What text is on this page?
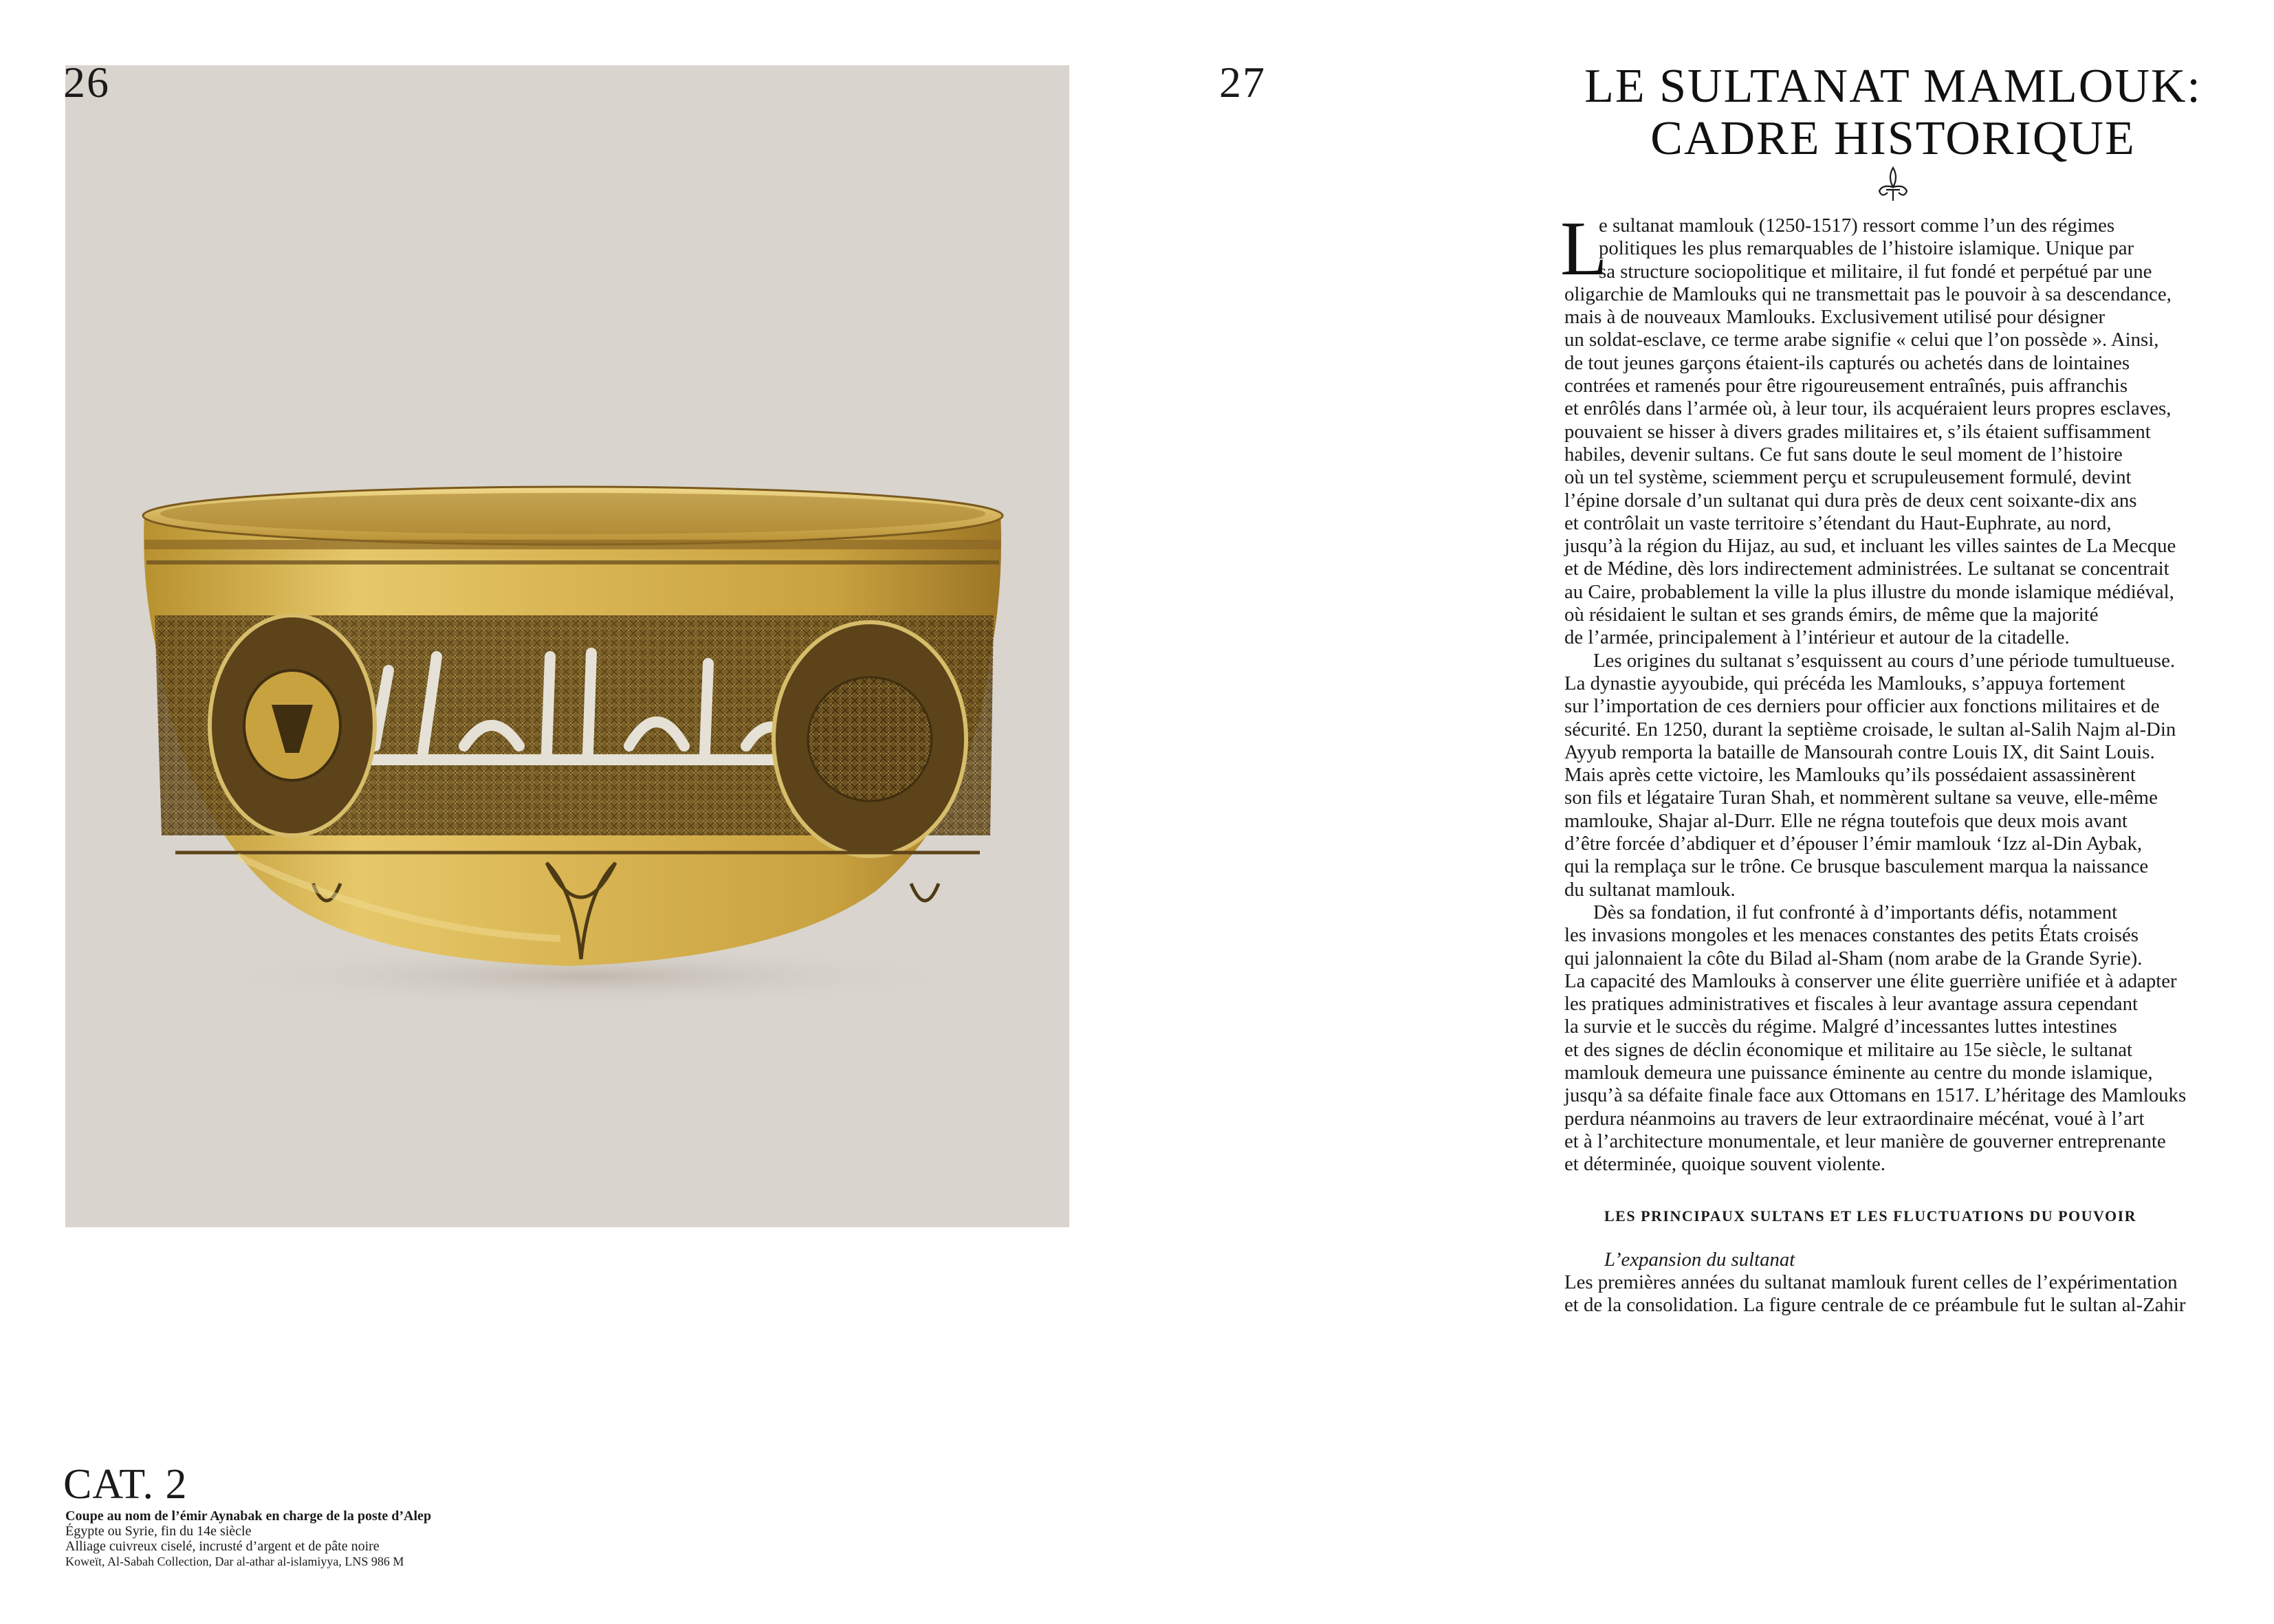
26
CAT. 2
Coupe au nom de l’émir Aynabak en charge de la poste d’Alep
Égypte ou Syrie, fin du 14e siècle
Alliage cuivreux ciselé, incrusté d’argent et de pâte noire
Koweït, Al-Sabah Collection, Dar al-athar al-islamiyya, LNS 986 M
27	LE SULTANAT MAMLOUK:
CADRE HISTORIQUE
L
e sultanat mamlouk (1250-1517) ressort comme l’un des régimes
politiques les plus remarquables de l’histoire islamique. Unique par
sa structure sociopolitique et militaire, il fut fondé et perpétué par une
oligarchie de Mamlouks qui ne transmettait pas le pouvoir à sa descendance,
mais à de nouveaux Mamlouks. Exclusivement utilisé pour désigner
un soldat-esclave, ce terme arabe signifie « celui que l’on possède ». Ainsi,
de tout jeunes garçons étaient-ils capturés ou achetés dans de lointaines
contrées et ramenés pour être rigoureusement entraînés, puis affranchis
et enrôlés dans l’armée où, à leur tour, ils acquéraient leurs propres esclaves,
pouvaient se hisser à divers grades militaires et, s’ils étaient suffisamment
habiles, devenir sultans. Ce fut sans doute le seul moment de l’histoire
où un tel système, sciemment perçu et scrupuleusement formulé, devint
l’épine dorsale d’un sultanat qui dura près de deux cent soixante-dix ans
et contrôlait un vaste territoire s’étendant du Haut-Euphrate, au nord,
jusqu’à la région du Hijaz, au sud, et incluant les villes saintes de La Mecque
et de Médine, dès lors indirectement administrées. Le sultanat se concentrait
au Caire, probablement la ville la plus illustre du monde islamique médiéval,
où résidaient le sultan et ses grands émirs, de même que la majorité
de l’armée, principalement à l’intérieur et autour de la citadelle.
Les origines du sultanat s’esquissent au cours d’une période tumultueuse.
La dynastie ayyoubide, qui précéda les Mamlouks, s’appuya fortement
sur l’importation de ces derniers pour officier aux fonctions militaires et de
sécurité. En 1250, durant la septième croisade, le sultan al-Salih Najm al-Din
Ayyub remporta la bataille de Mansourah contre Louis IX, dit Saint Louis.
Mais après cette victoire, les Mamlouks qu’ils possédaient assassinèrent
son fils et légataire Turan Shah, et nommèrent sultane sa veuve, elle-même
mamlouke, Shajar al-Durr. Elle ne régna toutefois que deux mois avant
d’être forcée d’abdiquer et d’épouser l’émir mamlouk ‘Izz al-Din Aybak,
qui la remplaça sur le trône. Ce brusque basculement marqua la naissance
du sultanat mamlouk.
Dès sa fondation, il fut confronté à d’importants défis, notamment
les invasions mongoles et les menaces constantes des petits États croisés
qui jalonnaient la côte du Bilad al-Sham (nom arabe de la Grande Syrie).
La capacité des Mamlouks à conserver une élite guerrière unifiée et à adapter
les pratiques administratives et fiscales à leur avantage assura cependant
la survie et le succès du régime. Malgré d’incessantes luttes intestines
et des signes de déclin économique et militaire au 15e siècle, le sultanat
mamlouk demeura une puissance éminente au centre du monde islamique,
jusqu’à sa défaite finale face aux Ottomans en 1517. L’héritage des Mamlouks
perdura néanmoins au travers de leur extraordinaire mécénat, voué à l’art
et à l’architecture monumentale, et leur manière de gouverner entreprenante
et déterminée, quoique souvent violente.
LES PRINCIPAUX SULTANS ET LES FLUCTUATIONS DU POUVOIR
L’expansion du sultanat
Les premières années du sultanat mamlouk furent celles de l’expérimentation
et de la consolidation. La figure centrale de ce préambule fut le sultan al-Zahir
